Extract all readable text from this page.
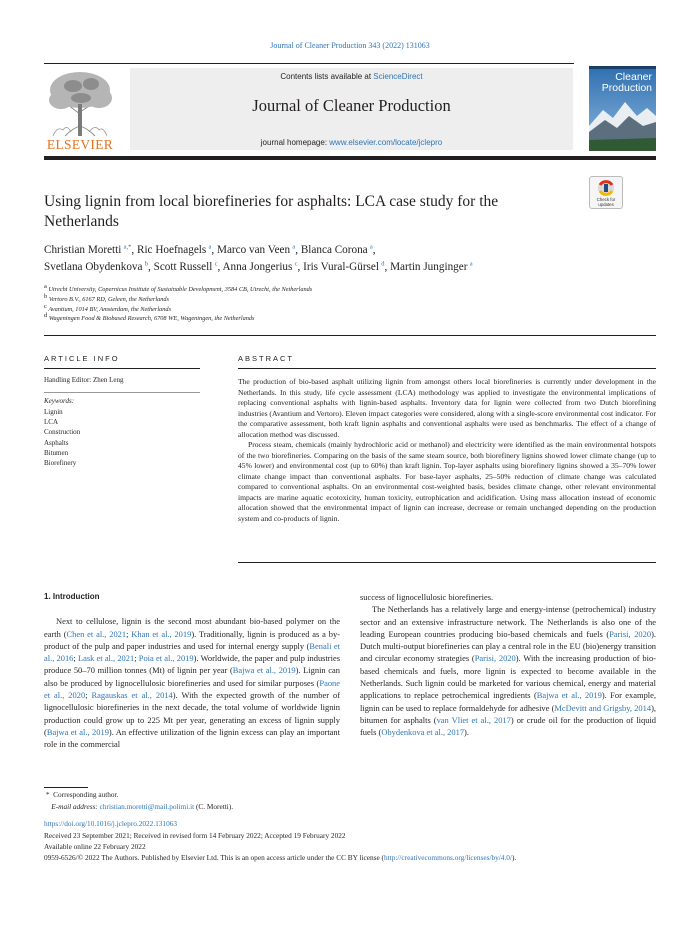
Journal of Cleaner Production 343 (2022) 131063
ELSEVIER
Contents lists available at ScienceDirect
Journal of Cleaner Production
journal homepage: www.elsevier.com/locate/jclepro
Cleaner
Production
Using lignin from local biorefineries for asphalts: LCA case study for the Netherlands
Check for
updates
Christian Moretti  $^{a,*}$, Ric Hoefnagels  $^a$, Marco van Veen  $^a$, Blanca Corona  $^a$,
Svetlana Obydenkova  $^b$, Scott Russell  $^c$, Anna Jongerius  $^c$, Iris Vural-Gürsel  $^d$, Martin Junginger  $^a$
a Utrecht University, Copernicus Institute of Sustainable Development, 3584 CB, Utrecht, the Netherlands
b Vertoro B.V., 6167 RD, Geleen, the Netherlands
c Avantium, 1014 BV, Amsterdam, the Netherlands
d Wageningen Food & Biobased Research, 6708 WE, Wageningen, the Netherlands
ARTICLE INFO	ABSTRACT
Handling Editor: Zhen Leng
Keywords:
Lignin
LCA
Construction
Asphalts
Bitumen
Biorefinery

The production of bio-based asphalt utilizing lignin from amongst others local biorefineries is currently under development in the Netherlands. In this study, life cycle assessment (LCA) methodology was applied to investigate the environmental implications of replacing conventional asphalts with lignin-based asphalts. Inventory data for lignin were collected from two Dutch biorefining industries (Avantium and Vertoro). Eleven impact categories were considered, along with a single-score environmental cost indicator. For the comparative assessment, both kraft lignin asphalts and conventional asphalts were used as benchmarks. The effect of a change of allocation method was discussed.

Process steam, chemicals (mainly hydrochloric acid or methanol) and electricity were identified as the main environmental hotspots of the two biorefineries. Comparing on the basis of the same steam source, both biorefinery lignins showed lower climate change (up to 45% lower) and environmental cost (up to 60%) than kraft lignin. Top-layer asphalts using biorefinery lignins showed a 35–70% lower climate change impact than conventional asphalts. For base-layer asphalts, 25–50% reduction of climate change was calculated compared to conventional asphalts. On an environmental cost-weighted basis, besides climate change, other relevant environmental impacts are marine aquatic ecotoxicity, human toxicity, eutrophication and acidification. Using mass allocation instead of economic allocation showed that the environmental impact of lignin can increase, decrease or remain unchanged depending on the production system and co-products of lignin.

1. Introduction

Next to cellulose, lignin is the second most abundant bio-based polymer on the earth (Chen et al., 2021; Khan et al., 2019). Traditionally, lignin is produced as a by-product of the pulp and paper industries and used for internal energy supply (Benali et al., 2016; Lask et al., 2021; Poia et al., 2019). Worldwide, the paper and pulp industries produce 50–70 million tonnes (Mt) of lignin per year (Bajwa et al., 2019). Lignin can also be produced by lignocellulosic biorefineries and used for similar purposes (Paone et al., 2020; Ragauskas et al., 2014). With the expected growth of the number of lignocellulosic biorefineries in the next decade, the total volume of worldwide lignin production could grow up to 225 Mt per year, generating an excess of lignin supply (Bajwa et al., 2019). An effective utilization of the lignin excess can play an important role in the commercial

success of lignocellulosic biorefineries.

The Netherlands has a relatively large and energy-intense (petrochemical) industry sector and an extensive infrastructure network. The Netherlands is also one of the leading European countries producing bio-based chemicals and fuels (Parisi, 2020). Dutch multi-output biorefineries can play a central role in the EU (bio)energy transition and circular economy strategies (Parisi, 2020). With the increasing production of bio-based chemicals and fuels, more lignin is expected to become available in the Netherlands. Such lignin could be marketed for various chemical, energy and material applications to replace petrochemical ingredients (Bajwa et al., 2019). For example, lignin can be used to replace formaldehyde for adhesive (McDevitt and Grigsby, 2014), bitumen for asphalts (van Vliet et al., 2017) or crude oil for the production of liquid fuels (Obydenkova et al., 2017).

* Corresponding author.
E-mail address: christian.moretti@mail.polimi.it (C. Moretti).
https://doi.org/10.1016/j.jclepro.2022.131063
Received 23 September 2021; Received in revised form 14 February 2022; Accepted 19 February 2022
Available online 22 February 2022
0959-6526/© 2022 The Authors. Published by Elsevier Ltd. This is an open access article under the CC BY license (http://creativecommons.org/licenses/by/4.0/).
